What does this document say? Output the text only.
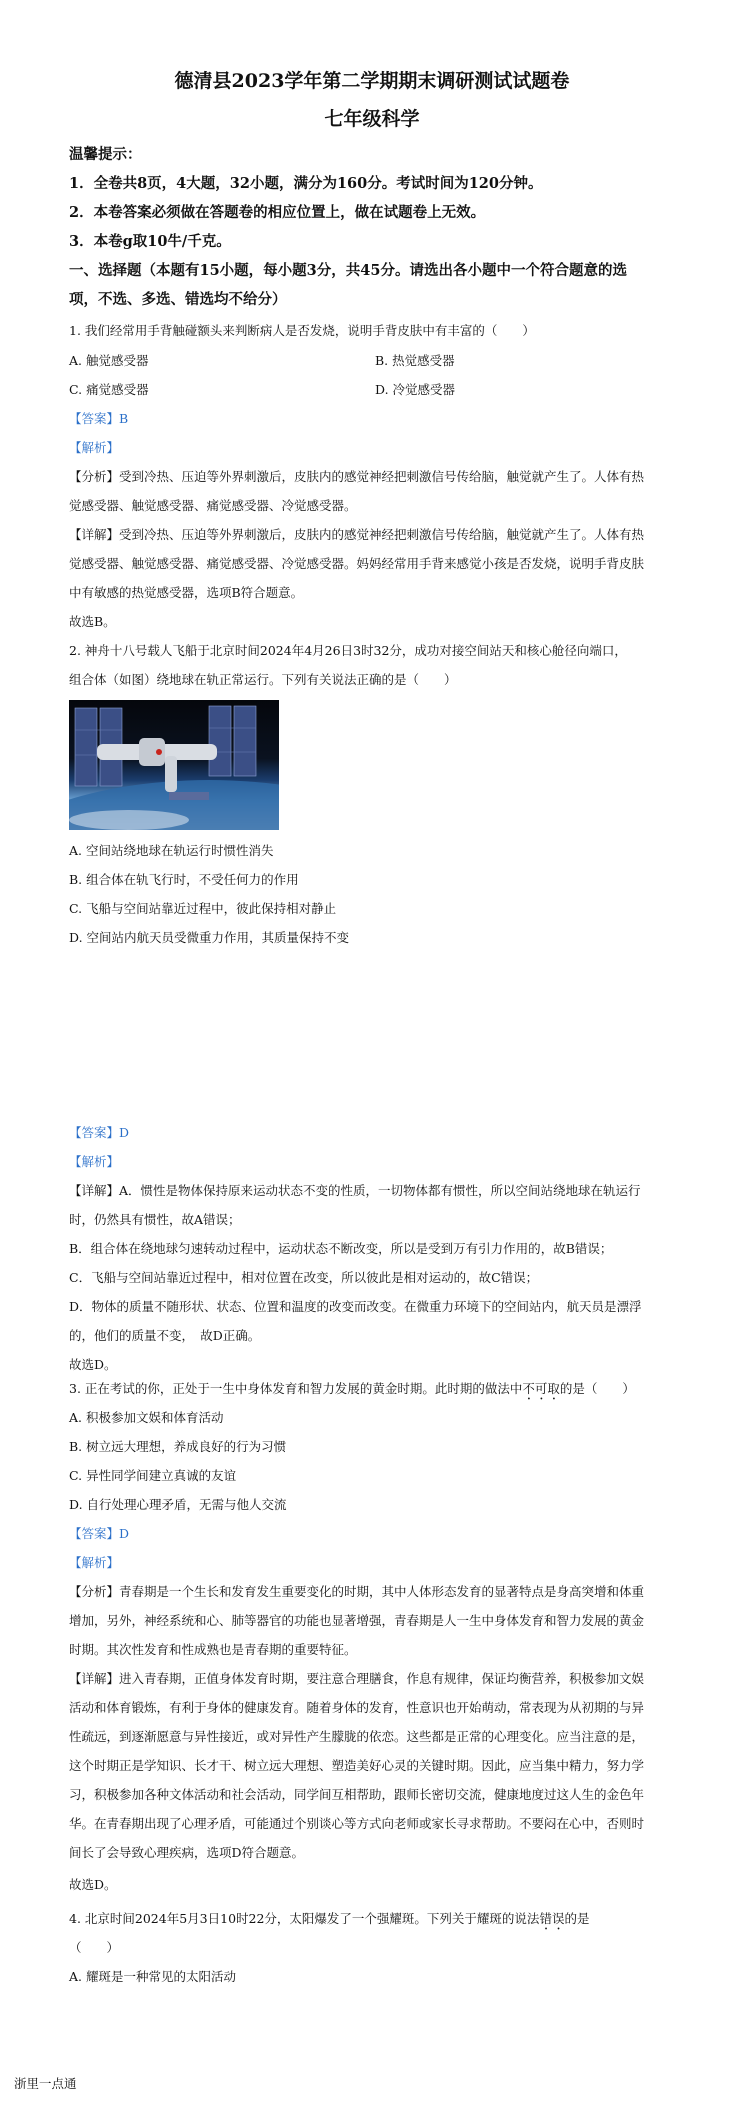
德清县2023学年第二学期期末调研测试试题卷
七年级科学
温馨提示：
1．全卷共8页，4大题，32小题，满分为160分。考试时间为120分钟。
2．本卷答案必须做在答题卷的相应位置上，做在试题卷上无效。
3．本卷g取10牛/千克。
一、选择题（本题有15小题，每小题3分，共45分。请选出各小题中一个符合题意的选
项，不选、多选、错选均不给分）
1. 我们经常用手背触碰额头来判断病人是否发烧，说明手背皮肤中有丰富的（　　）
A. 触觉感受器	B. 热觉感受器
C. 痛觉感受器	D. 冷觉感受器
【答案】B
【解析】
【分析】受到冷热、压迫等外界刺激后，皮肤内的感觉神经把刺激信号传给脑，触觉就产生了。人体有热
觉感受器、触觉感受器、痛觉感受器、冷觉感受器。
【详解】受到冷热、压迫等外界刺激后，皮肤内的感觉神经把刺激信号传给脑，触觉就产生了。人体有热
觉感受器、触觉感受器、痛觉感受器、冷觉感受器。妈妈经常用手背来感觉小孩是否发烧，说明手背皮肤
中有敏感的热觉感受器，选项B符合题意。
故选B。
2. 神舟十八号载人飞船于北京时间2024年4月26日3时32分，成功对接空间站天和核心舱径向端口，
组合体（如图）绕地球在轨正常运行。下列有关说法正确的是（　　）
A. 空间站绕地球在轨运行时惯性消失
B. 组合体在轨飞行时，不受任何力的作用
C. 飞船与空间站靠近过程中，彼此保持相对静止
D. 空间站内航天员受微重力作用，其质量保持不变
【答案】D
【解析】
【详解】A．惯性是物体保持原来运动状态不变的性质，一切物体都有惯性，所以空间站绕地球在轨运行
时，仍然具有惯性，故A错误；
B．组合体在绕地球匀速转动过程中，运动状态不断改变，所以是受到万有引力作用的，故B错误；
C．飞船与空间站靠近过程中，相对位置在改变，所以彼此是相对运动的，故C错误；
D．物体的质量不随形状、状态、位置和温度的改变而改变。在微重力环境下的空间站内，航天员是漂浮
的，他们的质量不变，　故D正确。
故选D。
3. 正在考试的你，正处于一生中身体发育和智力发展的黄金时期。此时期的做法中不可取的是（　　）
A. 积极参加文娱和体育活动
B. 树立远大理想，养成良好的行为习惯
C. 异性同学间建立真诚的友谊
D. 自行处理心理矛盾，无需与他人交流
【答案】D
【解析】
【分析】青春期是一个生长和发育发生重要变化的时期，其中人体形态发育的显著特点是身高突增和体重
增加，另外，神经系统和心、肺等器官的功能也显著增强，青春期是人一生中身体发育和智力发展的黄金
时期。其次性发育和性成熟也是青春期的重要特征。
【详解】进入青春期，正值身体发育时期，要注意合理膳食，作息有规律，保证均衡营养，积极参加文娱
活动和体育锻炼，有利于身体的健康发育。随着身体的发育，性意识也开始萌动，常表现为从初期的与异
性疏远，到逐渐愿意与异性接近，或对异性产生朦胧的依恋。这些都是正常的心理变化。应当注意的是，
这个时期正是学知识、长才干、树立远大理想、塑造美好心灵的关键时期。因此，应当集中精力，努力学
习，积极参加各种文体活动和社会活动，同学间互相帮助，跟师长密切交流，健康地度过这人生的金色年
华。在青春期出现了心理矛盾，可能通过个别谈心等方式向老师或家长寻求帮助。不要闷在心中，否则时
间长了会导致心理疾病，选项D符合题意。
故选D。
4. 北京时间2024年5月3日10时22分，太阳爆发了一个强耀斑。下列关于耀斑的说法错误的是
（　　）
A. 耀斑是一种常见的太阳活动
浙里一点通
